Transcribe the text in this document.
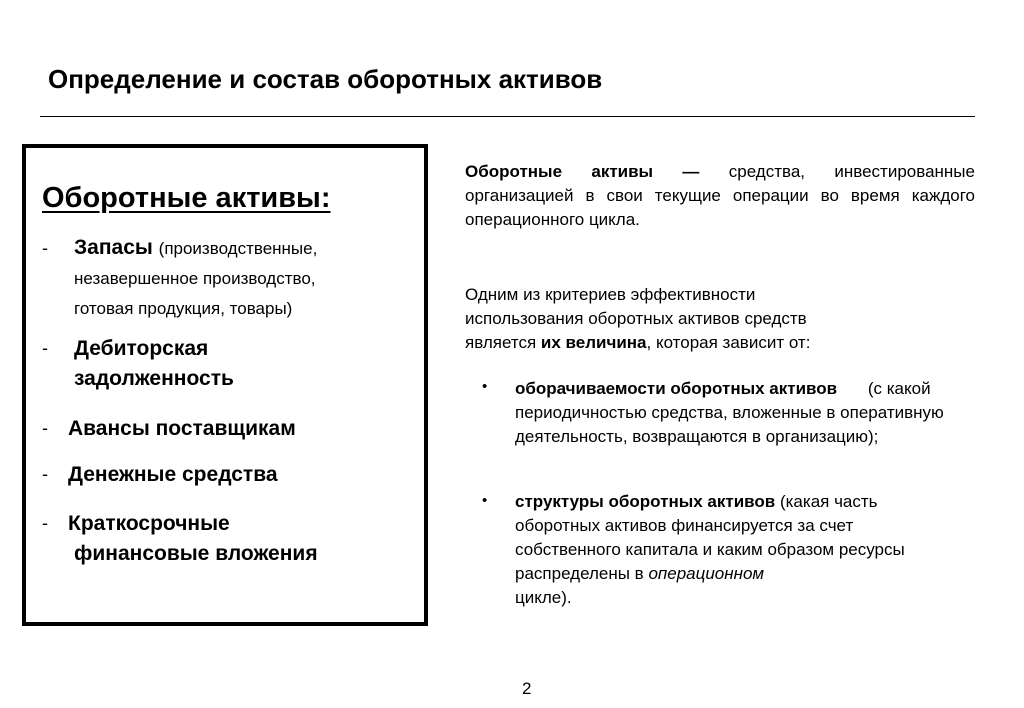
Определение и состав оборотных активов
Оборотные активы:
- Запасы (производственные,
незавершенное производство,
готовая продукция, товары)
- Дебиторская
задолженность
- Авансы поставщикам
- Денежные средства
- Краткосрочные
финансовые вложения

Оборотные активы — средства, инвестированные организацией в свои текущие операции во время каждого операционного цикла.

Одним из критериев эффективности
использования оборотных активов средств
является их величина, которая зависит от:

• оборачиваемости оборотных активов (с какой периодичностью средства, вложенные в оперативную деятельность, возвращаются в организацию);

• структуры оборотных активов (какая часть оборотных активов финансируется за счет собственного капитала и каким образом ресурсы распределены в операционном
цикле).

2
